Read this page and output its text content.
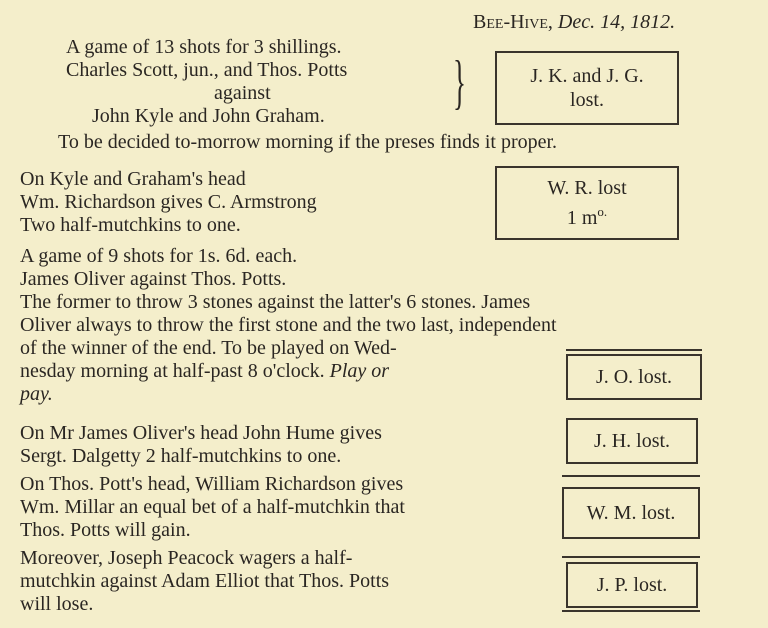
Bee-Hive, Dec. 14, 1812.
A game of 13 shots for 3 shillings.
Charles Scott, jun., and Thos. Potts
against
John Kyle and John Graham.
}	J. K. and J. G.
lost.
To be decided to-morrow morning if the preses finds it proper.
On Kyle and Graham's head
Wm. Richardson gives C. Armstrong
Two half-mutchkins to one.
W. R. lost
1 $m^{o.}$
A game of 9 shots for 1s. 6d. each.
James Oliver against Thos. Potts.
The former to throw 3 stones against the latter's 6 stones. James
Oliver always to throw the first stone and the two last, independent
of the winner of the end. To be played on Wed-
nesday morning at half-past 8 o'clock. Play or
pay.
J. O. lost.
On Mr James Oliver's head John Hume gives
Sergt. Dalgetty 2 half-mutchkins to one.
J. H. lost.
On Thos. Pott's head, William Richardson gives
Wm. Millar an equal bet of a half-mutchkin that
Thos. Potts will gain.
W. M. lost.
Moreover, Joseph Peacock wagers a half-
mutchkin against Adam Elliot that Thos. Potts
will lose.
J. P. lost.
